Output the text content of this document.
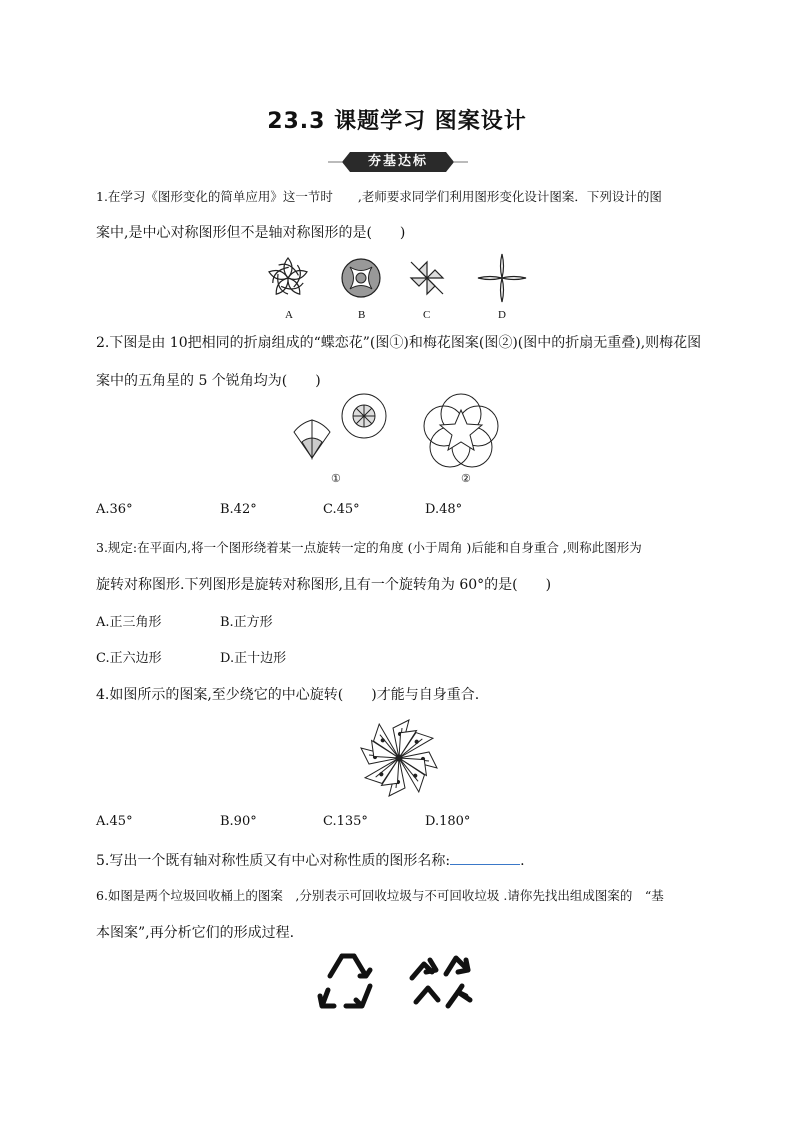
23.3 课题学习 图案设计
夯基达标
1.在学习《图形变化的简单应用》这一节时　　,老师要求同学们利用图形变化设计图案．下列设计的图
案中,是中心对称图形但不是轴对称图形的是(　　)
A	B	C	D
2.下图是由 10把相同的折扇组成的“蝶恋花”(图①)和梅花图案(图②)(图中的折扇无重叠),则梅花图
案中的五角星的 5 个锐角均为(　　)
①	②
A.36°	B.42°	C.45°	D.48°
3.规定:在平面内,将一个图形绕着某一点旋转一定的角度 (小于周角 )后能和自身重合 ,则称此图形为
旋转对称图形.下列图形是旋转对称图形,且有一个旋转角为 60°的是(　　)
A.正三角形	B.正方形
C.正六边形	D.正十边形
4.如图所示的图案,至少绕它的中心旋转(　　)才能与自身重合.
A.45°	B.90°	C.135°	D.180°
5.写出一个既有轴对称性质又有中心对称性质的图形名称:	.
6.如图是两个垃圾回收桶上的图案　,分别表示可回收垃圾与不可回收垃圾 .请你先找出组成图案的　“基
本图案”,再分析它们的形成过程.
